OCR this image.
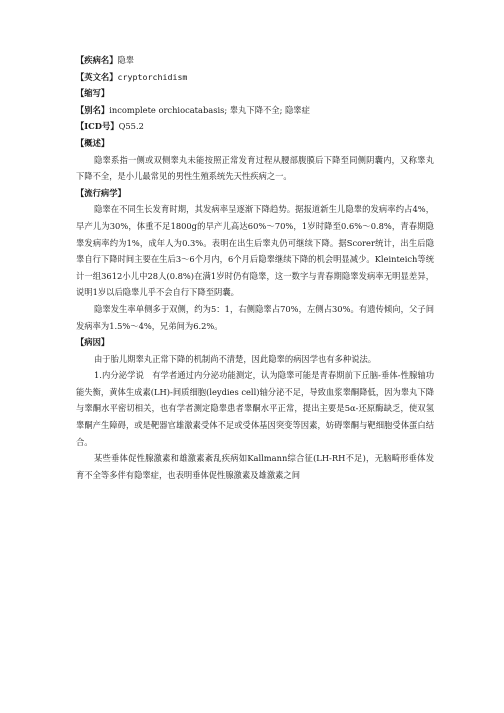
【疾病名】隐睾
【英文名】cryptorchidism
【缩写】
【别名】incomplete orchiocatabasis; 睾丸下降不全; 隐睾症
【ICD号】Q55.2
【概述】

隐睾系指一侧或双侧睾丸未能按照正常发育过程从腰部腹膜后下降至同侧阴囊内，又称睾丸下降不全，是小儿最常见的男性生殖系统先天性疾病之一。

【流行病学】

隐睾在不同生长发育时期，其发病率呈逐渐下降趋势。据报道新生儿隐睾的发病率约占4%，早产儿为30%，体重不足1800g的早产儿高达60%～70%，1岁时降至0.6%～0.8%，青春期隐睾发病率约为1%，成年人为0.3%。表明在出生后睾丸仍可继续下降。据Scorer统计，出生后隐睾自行下降时间主要在生后3～6个月内，6个月后隐睾继续下降的机会明显减少。Kleinteich等统计一组3612小儿中28人(0.8%)在满1岁时仍有隐睾，这一数字与青春期隐睾发病率无明显差异，说明1岁以后隐睾儿乎不会自行下降至阴囊。

隐睾发生率单侧多于双侧，约为5：1，右侧隐睾占70%，左侧占30%。有遗传倾向，父子间发病率为1.5%～4%，兄弟间为6.2%。

【病因】

由于胎儿期睾丸正常下降的机制尚不清楚，因此隐睾的病因学也有多种说法。

1.内分泌学说　有学者通过内分泌功能测定，认为隐睾可能是青春期前下丘脑-垂体-性腺轴功能失衡，黄体生成素(LH)-间质细胞(leydies cell)轴分泌不足，导致血浆睾酮降低，因为睾丸下降与睾酮水平密切相关，也有学者测定隐睾患者睾酮水平正常，提出主要是5α-还原酶缺乏，使双氢睾酮产生障碍，或是靶器官雄激素受体不足或受体基因突变等因素，妨碍睾酮与靶细胞受体蛋白结合。

某些垂体促性腺激素和雄激素紊乱疾病如Kallmann综合征(LH-RH不足)，无脑畸形垂体发育不全等多伴有隐睾症，也表明垂体促性腺激素及雄激素之间
